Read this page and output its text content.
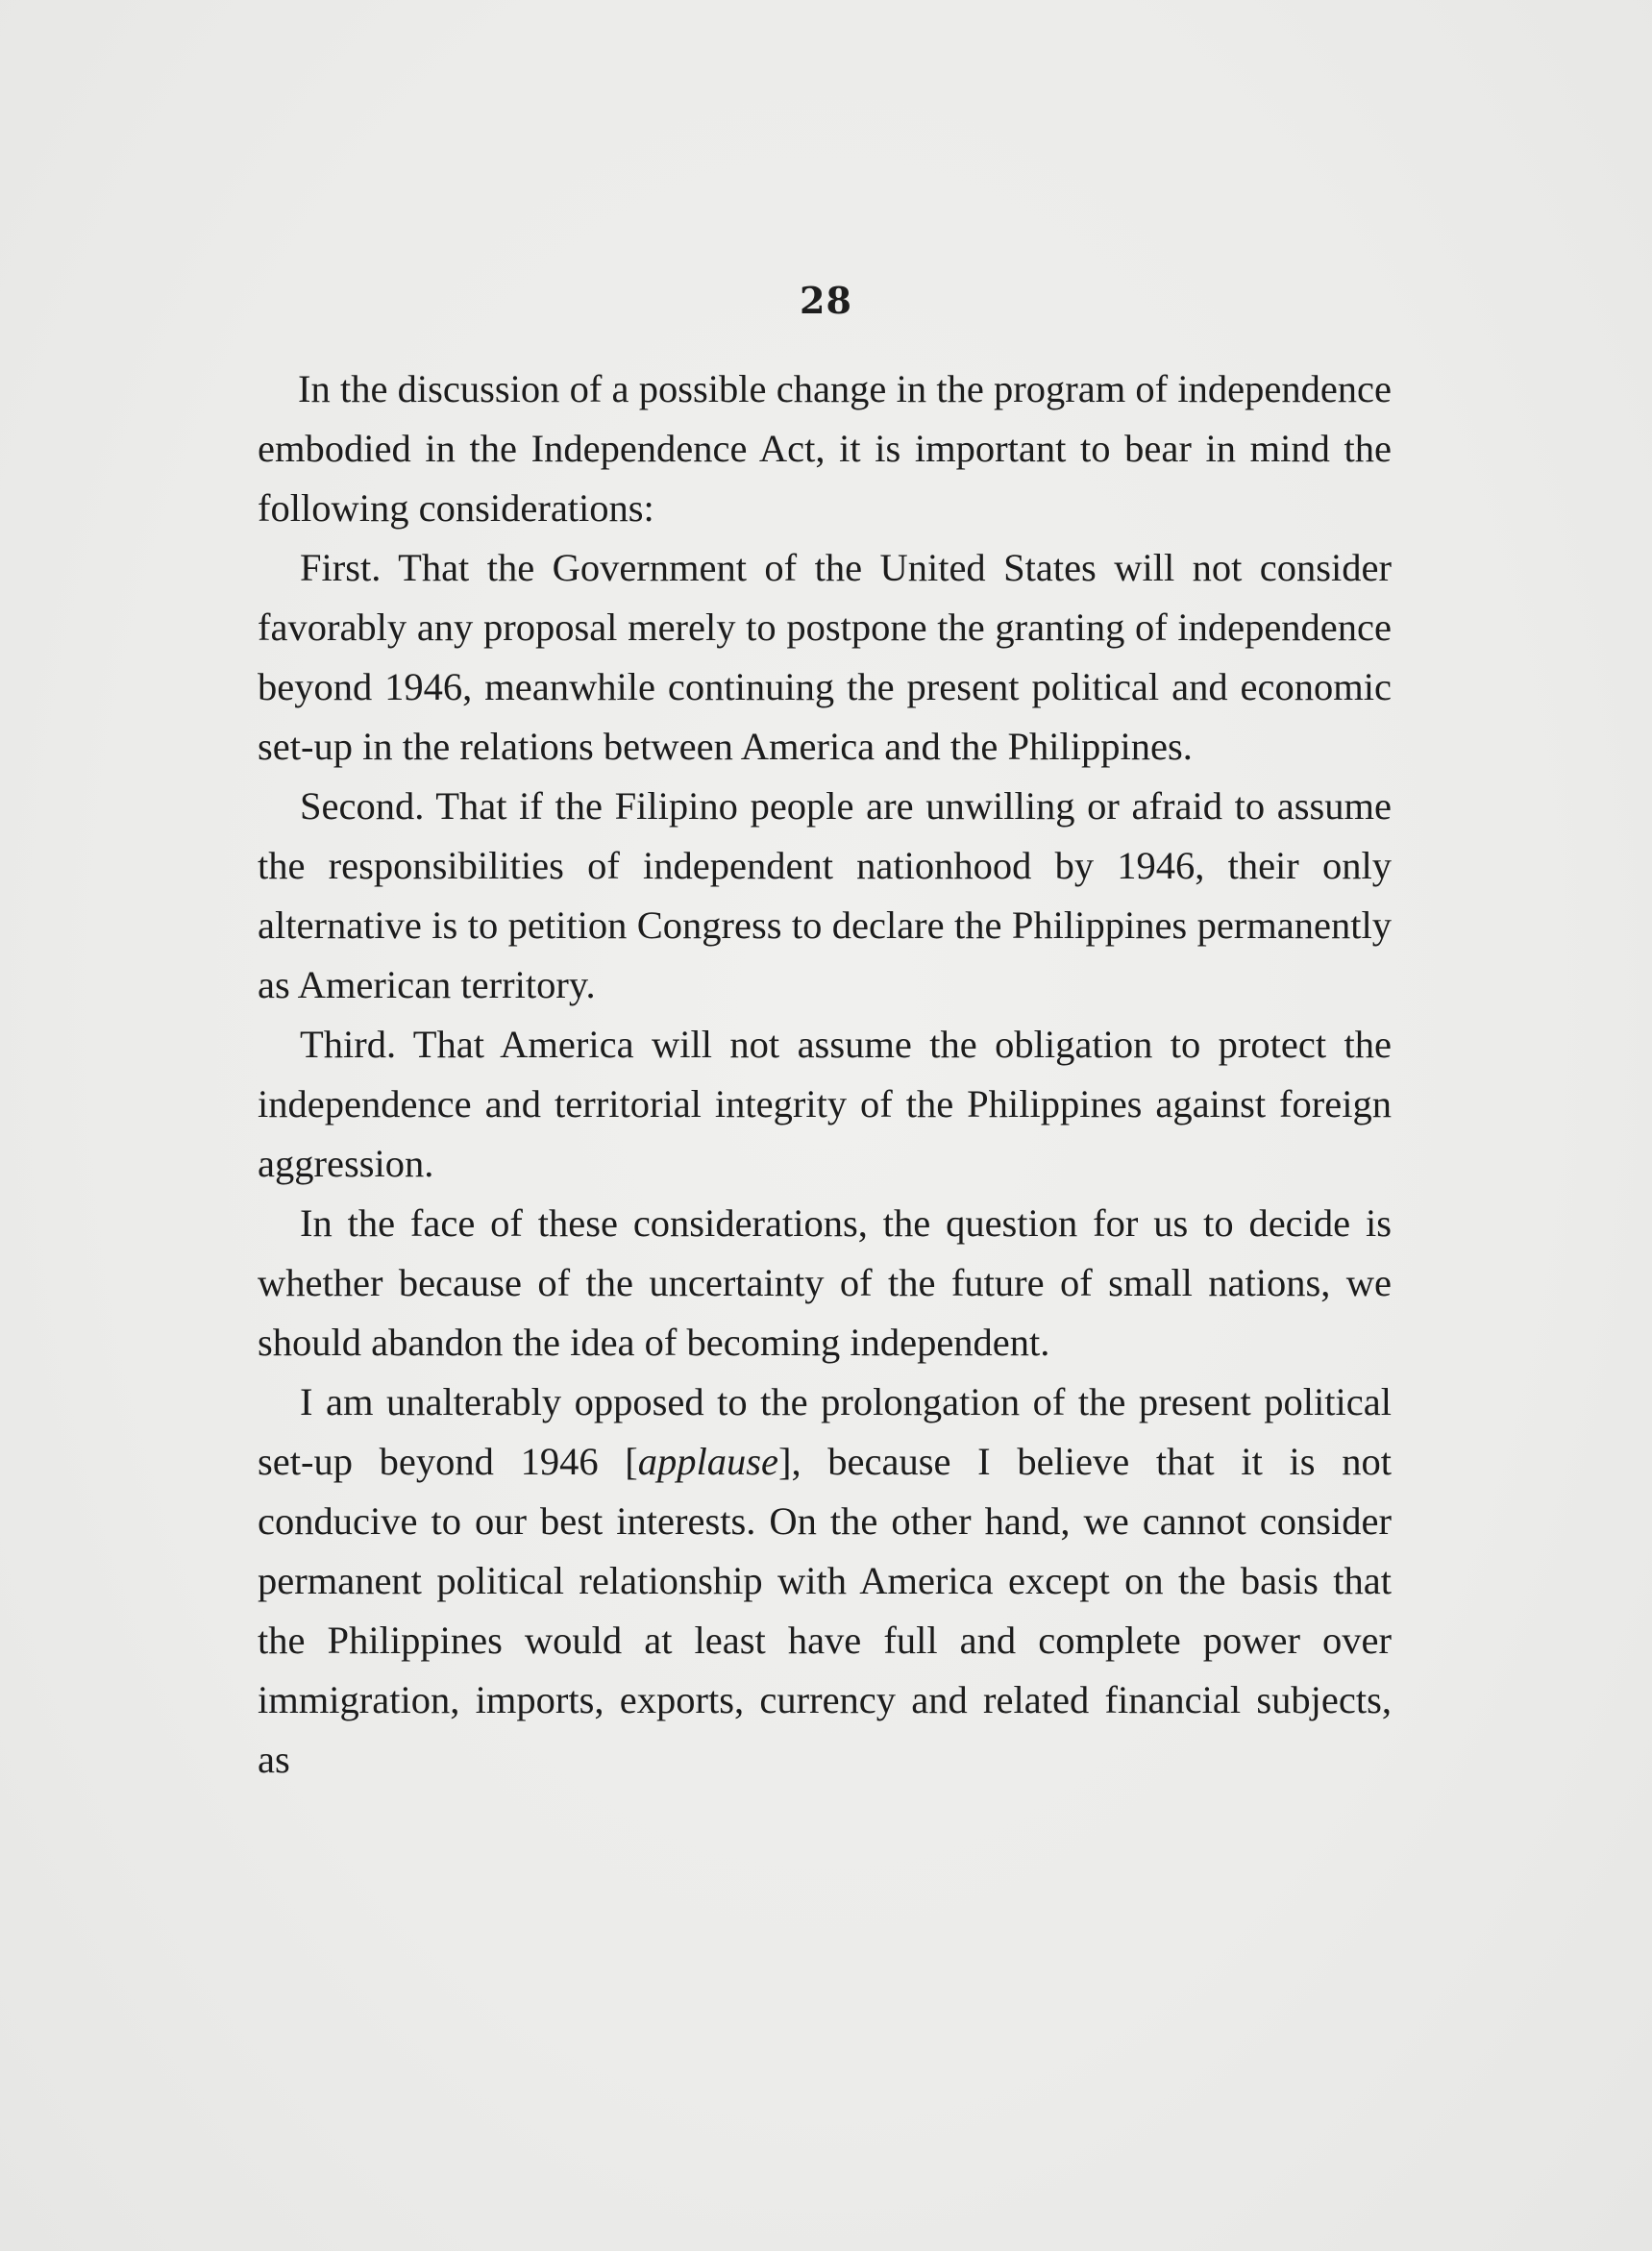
28

In the discussion of a possible change in the program of independence embodied in the Independence Act, it is important to bear in mind the following considerations:

First. That the Government of the United States will not consider favorably any proposal merely to postpone the granting of independence beyond 1946, meanwhile continuing the present political and economic set-up in the relations between America and the Philippines.

Second. That if the Filipino people are unwilling or afraid to assume the responsibilities of independent nationhood by 1946, their only alternative is to petition Congress to declare the Philippines permanently as American territory.

Third. That America will not assume the obligation to protect the independence and territorial integrity of the Philippines against foreign aggression.

In the face of these considerations, the question for us to decide is whether because of the uncertainty of the future of small nations, we should abandon the idea of becoming independent.

I am unalterably opposed to the prolongation of the present political set-up beyond 1946 [applause], because I believe that it is not conducive to our best interests. On the other hand, we cannot consider permanent political relationship with America except on the basis that the Philippines would at least have full and complete power over immigration, imports, exports, currency and related financial subjects, as
